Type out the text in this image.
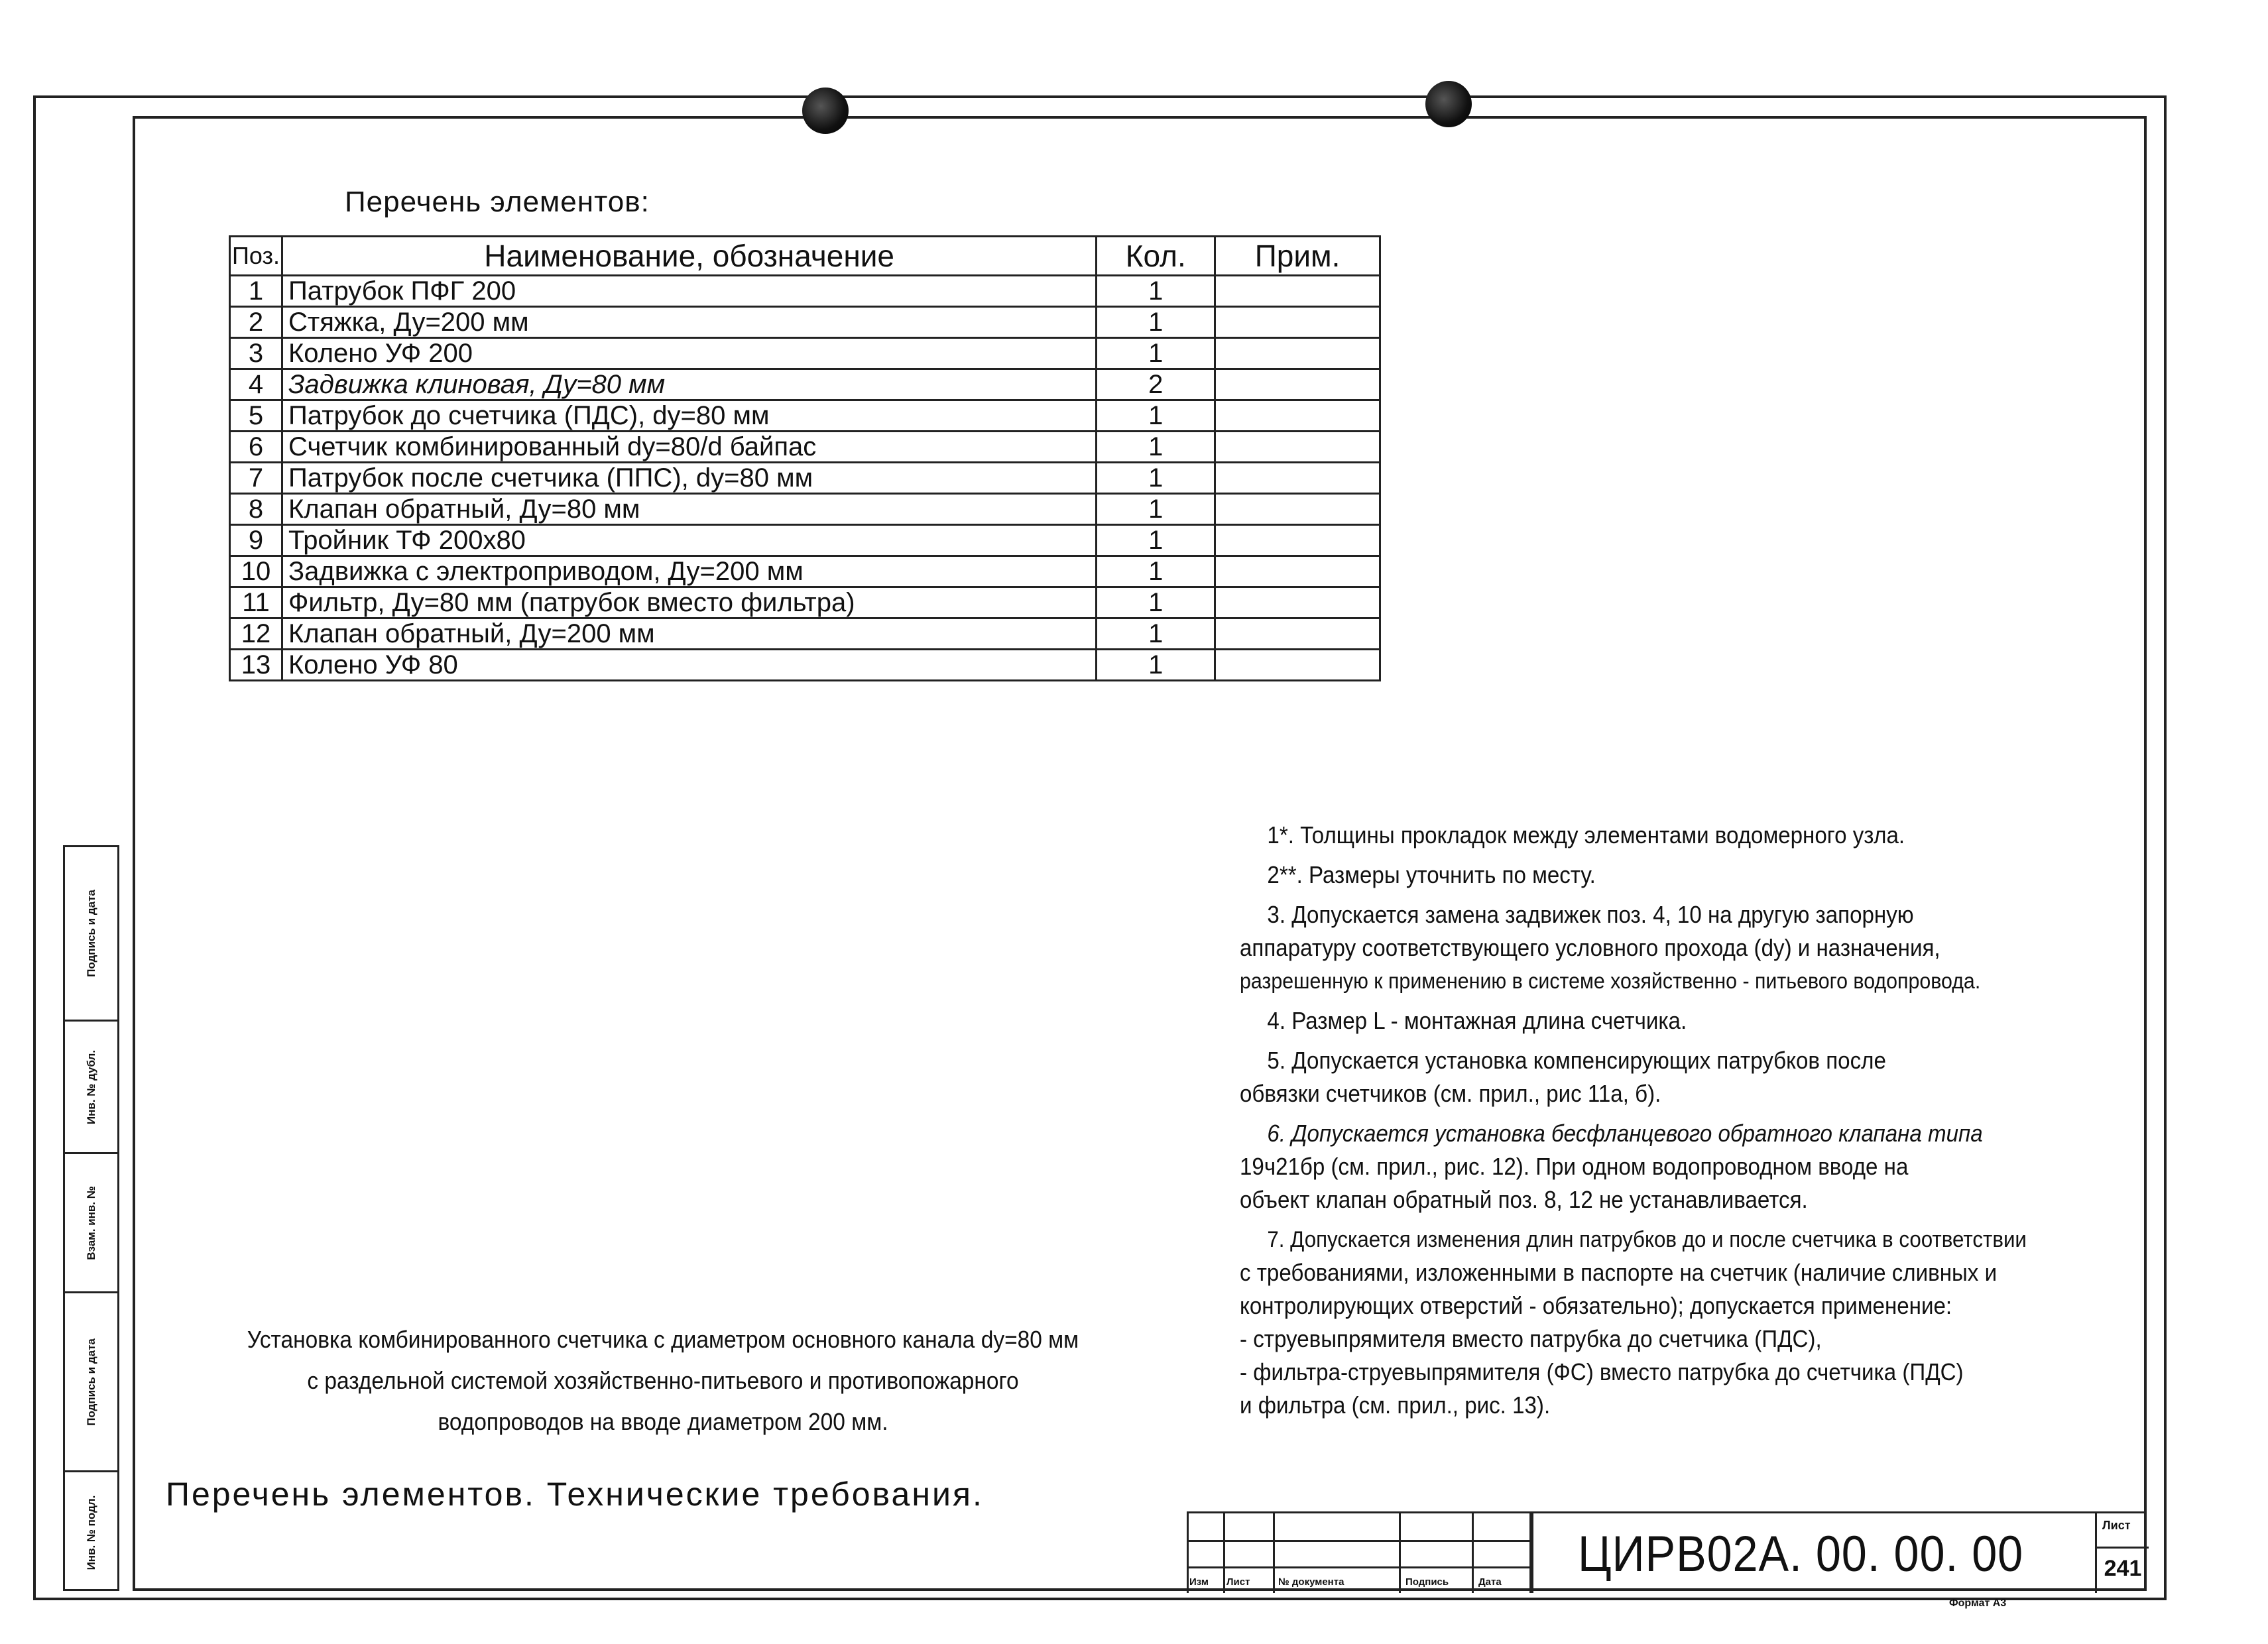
Подпись и дата
Инв. № дубл.
Взам. инв. №
Подпись и дата
Инв. № подл.
Перечень элементов:
Поз.	Наименование, обозначение	Кол.	Прим.
1	Патрубок ПФГ 200	1	
2	Стяжка, Ду=200 мм	1	
3	Колено УФ 200	1	
4	Задвижка клиновая, Ду=80 мм	2	
5	Патрубок до счетчика (ПДС), dy=80 мм	1	
6	Счетчик комбинированный dy=80/d байпас	1	
7	Патрубок после счетчика (ППС), dy=80 мм	1	
8	Клапан обратный, Ду=80 мм	1	
9	Тройник ТФ 200х80	1	
10	Задвижка с электроприводом, Ду=200 мм	1	
11	Фильтр, Ду=80 мм (патрубок вместо фильтра)	1	
12	Клапан обратный, Ду=200 мм	1	
13	Колено УФ 80	1	

1*. Толщины прокладок между элементами водомерного узла.

2**. Размеры уточнить по месту.

3. Допускается замена задвижек поз. 4, 10 на другую запорную
аппаратуру соответствующего условного прохода (dy) и назначения,
разрешенную к применению в системе хозяйственно - питьевого водопровода.

4. Размер L - монтажная длина счетчика.

5. Допускается установка компенсирующих патрубков после
обвязки счетчиков (см. прил., рис 11а, б).

6. Допускается установка бесфланцевого обратного клапана типа
19ч21бр (см. прил., рис. 12). При одном водопроводном вводе на
объект клапан обратный поз. 8, 12 не устанавливается.

7. Допускается изменения длин патрубков до и после счетчика в соответствии
с требованиями, изложенными в паспорте на счетчик (наличие сливных и
контролирующих отверстий - обязательно); допускается применение:
- струевыпрямителя вместо патрубка до счетчика (ПДС),
- фильтра-струевыпрямителя (ФС) вместо патрубка до счетчика (ПДС)
и фильтра (см. прил., рис. 13).

Установка комбинированного счетчика с диаметром основного канала dy=80 мм
с раздельной системой хозяйственно-питьевого и противопожарного
водопроводов на вводе диаметром 200 мм.
Перечень элементов. Технические требования.
Изм Лист	№ документа	Подпись	Дата ЦИРВ02А. 00. 00. 00
Лист
241
Формат А3
